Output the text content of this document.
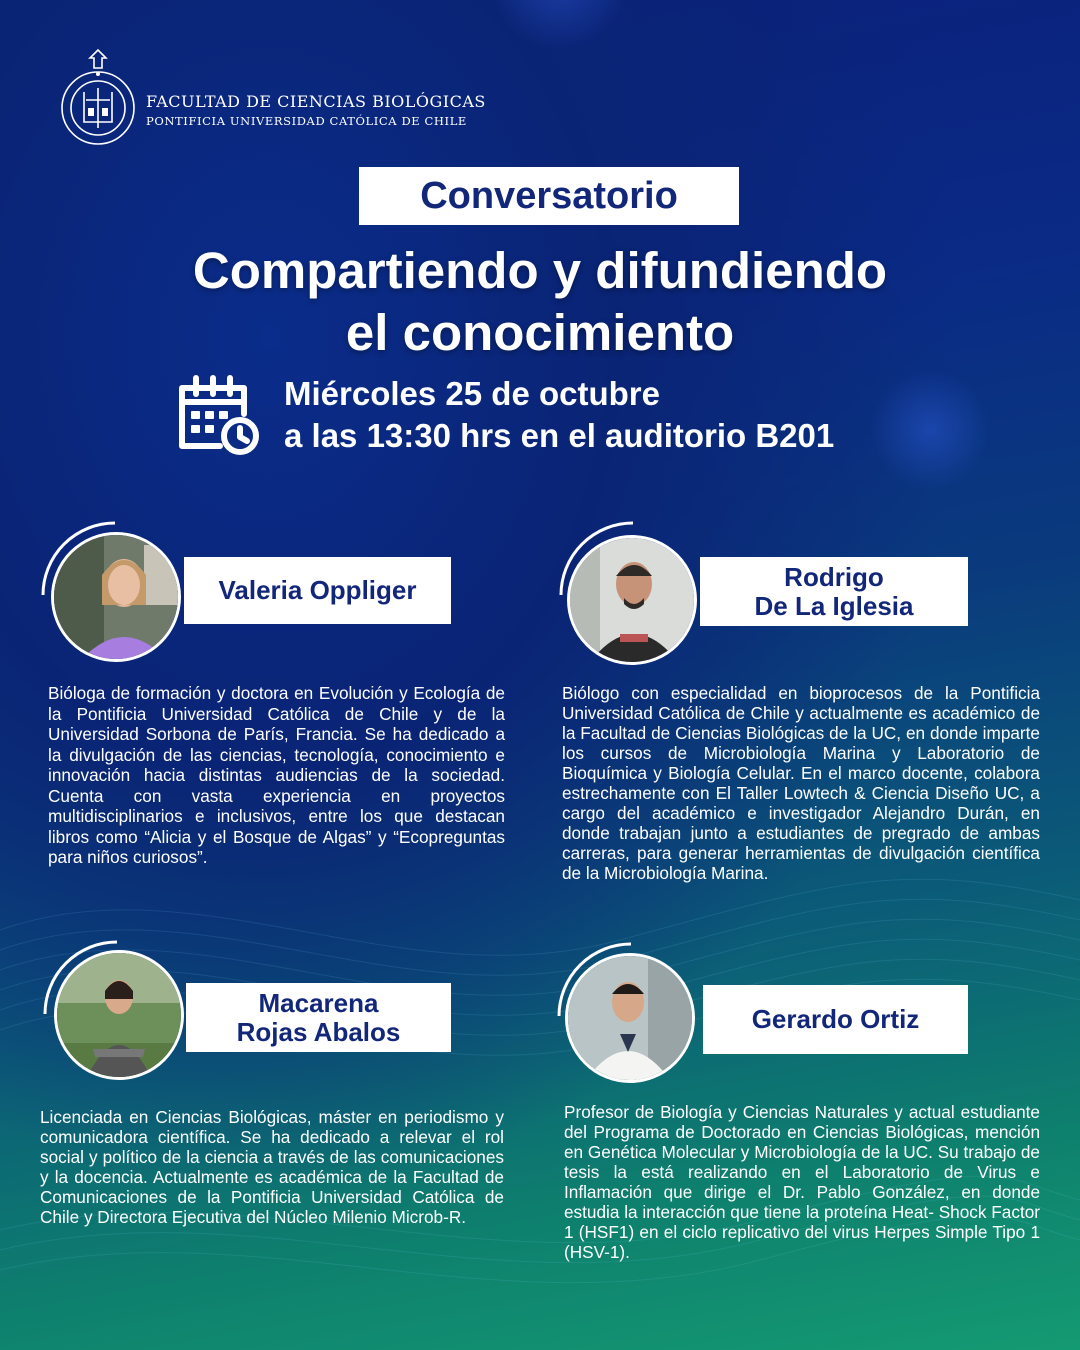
FACULTAD DE CIENCIAS BIOLÓGICAS
PONTIFICIA UNIVERSIDAD CATÓLICA DE CHILE
Conversatorio
Compartiendo y difundiendo
el conocimiento
Miércoles 25 de octubre
a las 13:30 hrs en el auditorio B201
Valeria Oppliger
Bióloga de formación y doctora en Evolución y Ecología de la Pontificia Universidad Católica de Chile y de la Universidad Sorbona de París, Francia. Se ha dedicado a la divulgación de las ciencias, tecnología, conocimiento e innovación hacia distintas audiencias de la sociedad. Cuenta con vasta experiencia en proyectos multidisciplinarios e inclusivos, entre los que destacan libros como “Alicia y el Bosque de Algas” y “Ecopreguntas para niños curiosos”.
Rodrigo
De La Iglesia
Biólogo con especialidad en bioprocesos de la Pontificia Universidad Católica de Chile y actualmente es académico de la Facultad de Ciencias Biológicas de la UC, en donde imparte los cursos de Microbiología Marina y Laboratorio de Bioquímica y Biología Celular. En el marco docente, colabora estrechamente con El Taller Lowtech & Ciencia Diseño UC, a cargo del académico e investigador Alejandro Durán, en donde trabajan junto a estudiantes de pregrado de ambas carreras, para generar herramientas de divulgación científica de la Microbiología Marina.
Macarena
Rojas Abalos
Licenciada en Ciencias Biológicas, máster en periodismo y comunicadora científica. Se ha dedicado a relevar el rol social y político de la ciencia a través de las comunicaciones y la docencia. Actualmente es académica de la Facultad de Comunicaciones de la Pontificia Universidad Católica de Chile y Directora Ejecutiva del Núcleo Milenio Microb-R.
Gerardo Ortiz
Profesor de Biología y Ciencias Naturales y actual estudiante del Programa de Doctorado en Ciencias Biológicas, mención en Genética Molecular y Microbiología de la UC. Su trabajo de tesis la está realizando en el Laboratorio de Virus e Inflamación que dirige el Dr. Pablo González, en donde estudia la interacción que tiene la proteína Heat- Shock Factor 1 (HSF1) en el ciclo replicativo del virus Herpes Simple Tipo 1 (HSV-1).
